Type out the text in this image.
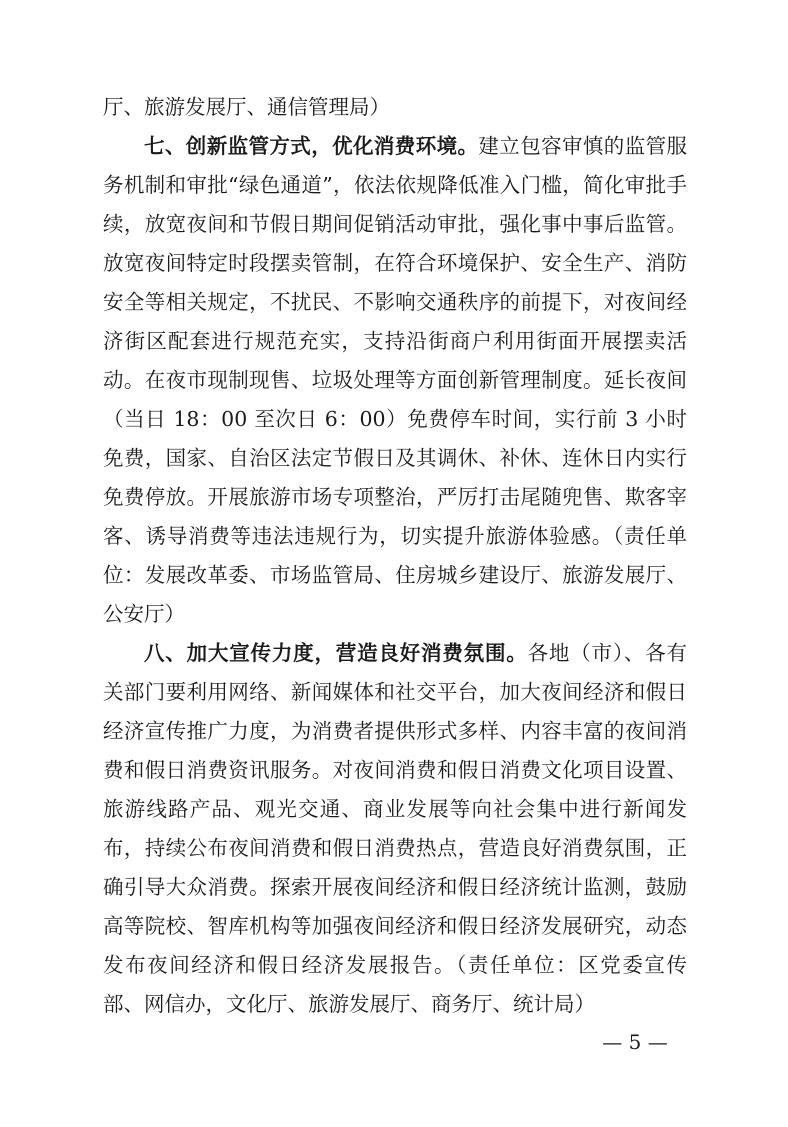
厅、旅游发展厅、通信管理局）

七、创新监管方式，优化消费环境。建立包容审慎的监管服务机制和审批“绿色通道”，依法依规降低准入门槛，简化审批手续，放宽夜间和节假日期间促销活动审批，强化事中事后监管。放宽夜间特定时段摆卖管制，在符合环境保护、安全生产、消防安全等相关规定，不扰民、不影响交通秩序的前提下，对夜间经济街区配套进行规范充实，支持沿街商户利用街面开展摆卖活动。在夜市现制现售、垃圾处理等方面创新管理制度。延长夜间（当日 18：00 至次日 6：00）免费停车时间，实行前 3 小时免费，国家、自治区法定节假日及其调休、补休、连休日内实行免费停放。开展旅游市场专项整治，严厉打击尾随兜售、欺客宰客、诱导消费等违法违规行为，切实提升旅游体验感。（责任单位：发展改革委、市场监管局、住房城乡建设厅、旅游发展厅、公安厅）

八、加大宣传力度，营造良好消费氛围。各地（市）、各有关部门要利用网络、新闻媒体和社交平台，加大夜间经济和假日经济宣传推广力度，为消费者提供形式多样、内容丰富的夜间消费和假日消费资讯服务。对夜间消费和假日消费文化项目设置、旅游线路产品、观光交通、商业发展等向社会集中进行新闻发布，持续公布夜间消费和假日消费热点，营造良好消费氛围，正确引导大众消费。探索开展夜间经济和假日经济统计监测，鼓励高等院校、智库机构等加强夜间经济和假日经济发展研究，动态发布夜间经济和假日经济发展报告。（责任单位：区党委宣传部、网信办，文化厅、旅游发展厅、商务厅、统计局）

— 5 —
